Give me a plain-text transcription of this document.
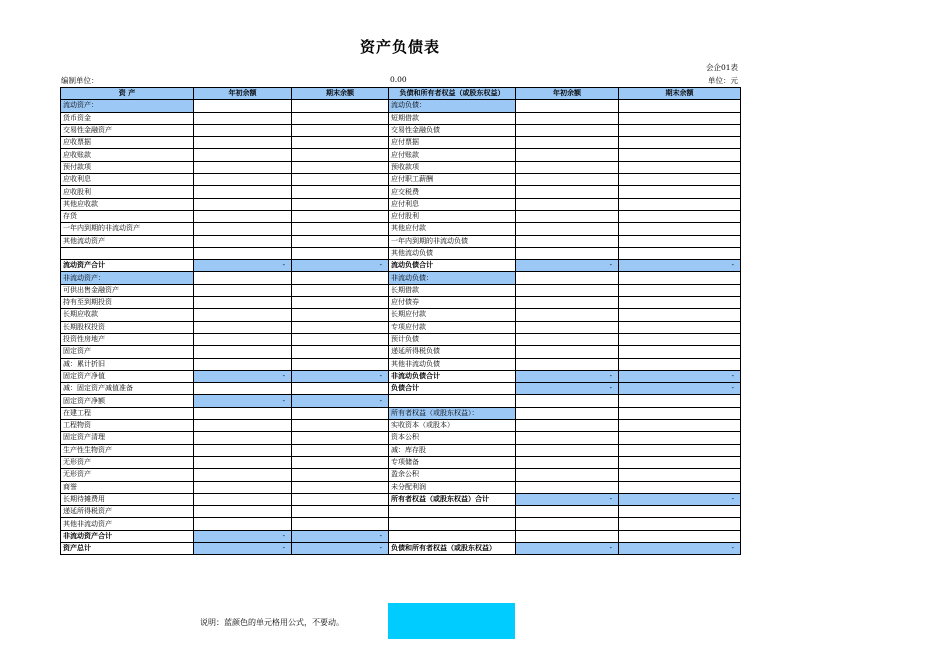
资产负债表
会企01表
编制单位：	0.00	单位：元
资 产	年初余额	期末余额	负债和所有者权益（或股东权益）	年初余额	期末余额
流动资产：			流动负债：		
货币资金			短期借款		
交易性金融资产			交易性金融负债		
应收票据			应付票据		
应收账款			应付账款		
预付款项			预收款项		
应收利息			应付职工薪酬		
应收股利			应交税费		
其他应收款			应付利息		
存货			应付股利		
一年内到期的非流动资产			其他应付款		
其他流动资产			一年内到期的非流动负债		
			其他流动负债		
流动资产合计	-	-	流动负债合计	-	-
非流动资产：			非流动负债：		
可供出售金融资产			长期借款		
持有至到期投资			应付债券		
长期应收款			长期应付款		
长期股权投资			专项应付款		
投资性房地产			预计负债		
固定资产			递延所得税负债		
减：累计折旧			其他非流动负债		
固定资产净值	-	-	非流动负债合计	-	-
减：固定资产减值准备			负债合计	-	-
固定资产净额	-	-			
在建工程			所有者权益（或股东权益）：		
工程物资			实收资本（或股本）		
固定资产清理			资本公积		
生产性生物资产			减：库存股		
无形资产			专项储备		
无形资产			盈余公积		
商誉			未分配利润		
长期待摊费用			所有者权益（或股东权益）合计	-	-
递延所得税资产					
其他非流动资产					
非流动资产合计	-	-			
资产总计	-	-	负债和所有者权益（或股东权益）	-	-
说明：蓝颜色的单元格用公式，不要动。
